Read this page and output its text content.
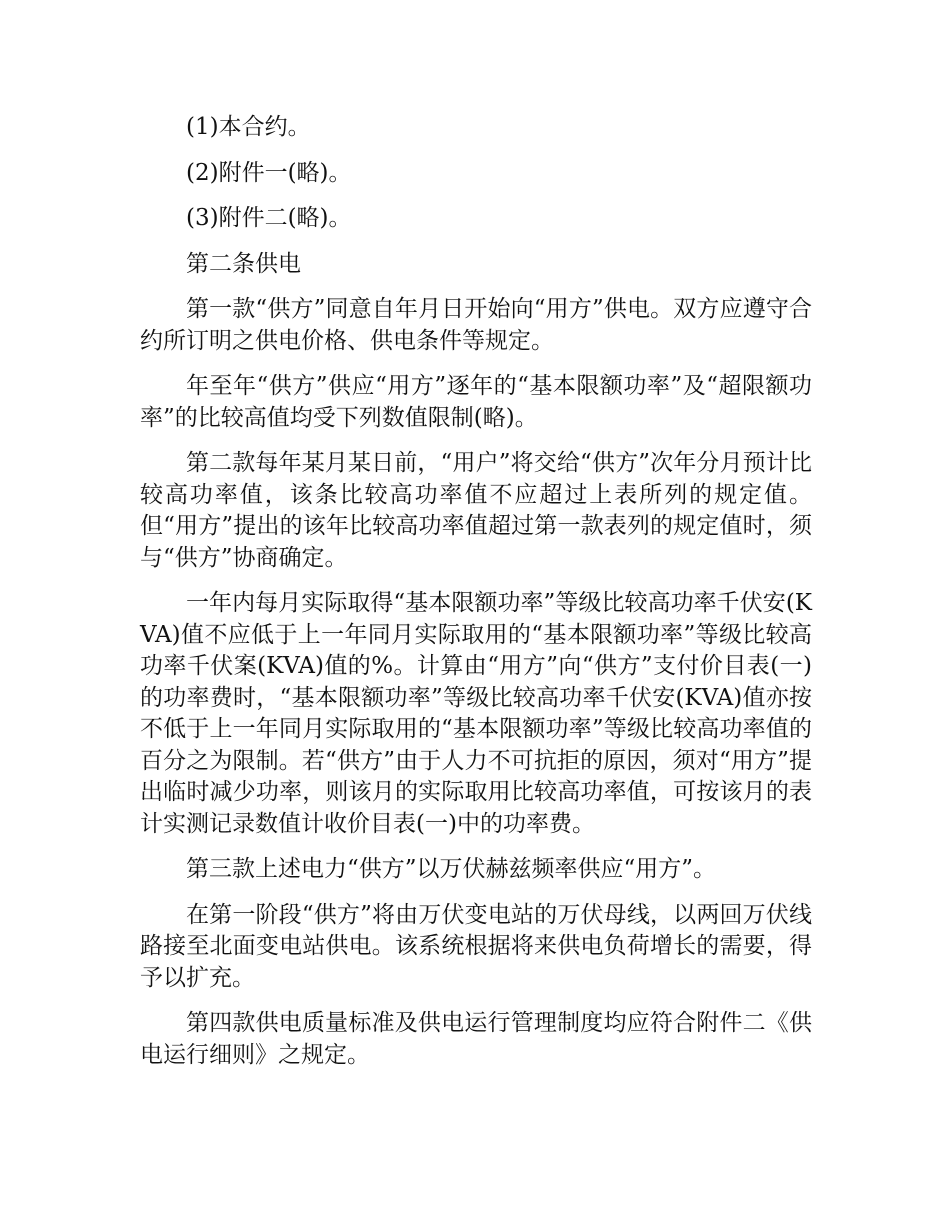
(1)本合约。

(2)附件一(略)。

(3)附件二(略)。

第二条供电

第一款“供方”同意自年月日开始向“用方”供电。双方应遵守合约所订明之供电价格、供电条件等规定。

年至年“供方”供应“用方”逐年的“基本限额功率”及“超限额功率”的比较高值均受下列数值限制(略)。

第二款每年某月某日前，“用户”将交给“供方”次年分月预计比较高功率值，该条比较高功率值不应超过上表所列的规定值。但“用方”提出的该年比较高功率值超过第一款表列的规定值时，须与“供方”协商确定。

一年内每月实际取得“基本限额功率”等级比较高功率千伏安(KVA)值不应低于上一年同月实际取用的“基本限额功率”等级比较高功率千伏案(KVA)值的%。计算由“用方”向“供方”支付价目表(一)的功率费时，“基本限额功率”等级比较高功率千伏安(KVA)值亦按不低于上一年同月实际取用的“基本限额功率”等级比较高功率值的百分之为限制。若“供方”由于人力不可抗拒的原因，须对“用方”提出临时减少功率，则该月的实际取用比较高功率值，可按该月的表计实测记录数值计收价目表(一)中的功率费。

第三款上述电力“供方”以万伏赫兹频率供应“用方”。

在第一阶段“供方”将由万伏变电站的万伏母线，以两回万伏线路接至北面变电站供电。该系统根据将来供电负荷增长的需要，得予以扩充。

第四款供电质量标准及供电运行管理制度均应符合附件二《供电运行细则》之规定。
